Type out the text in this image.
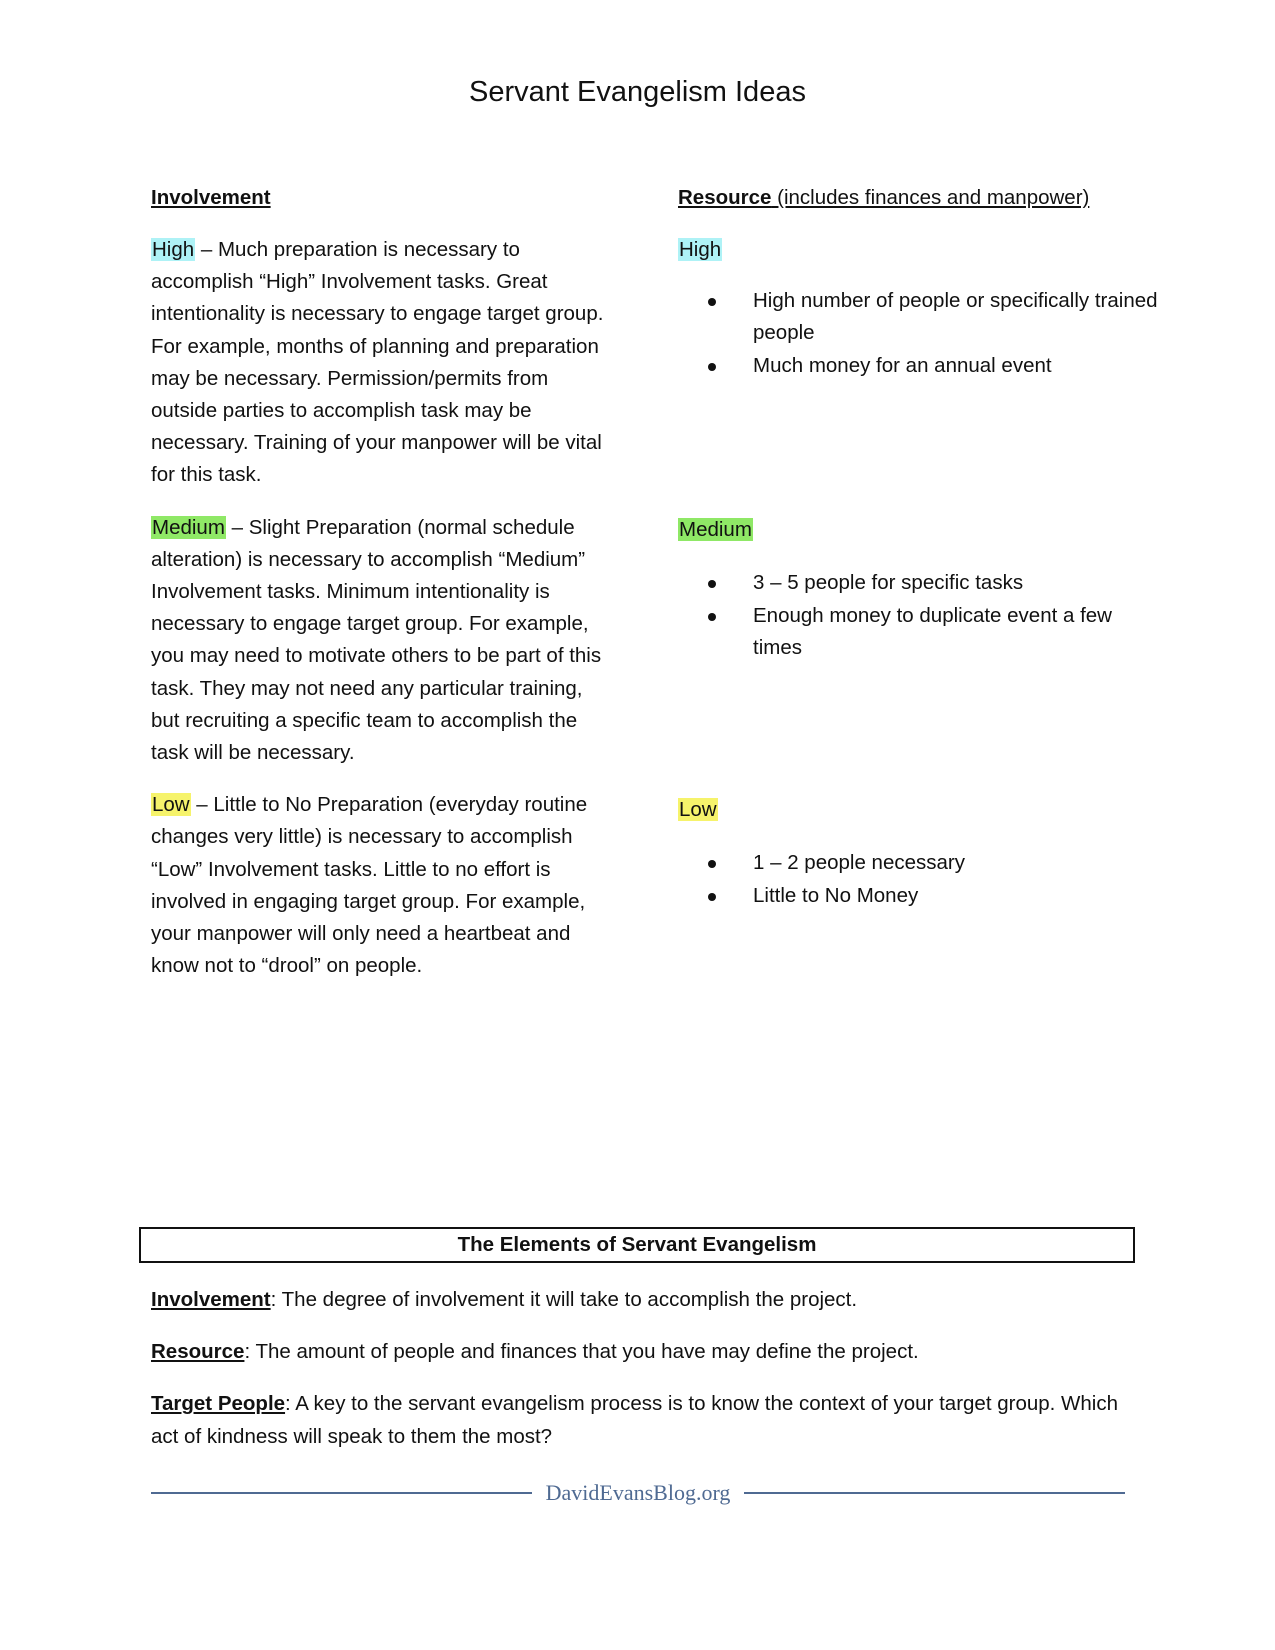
Servant Evangelism Ideas
Involvement

High – Much preparation is necessary to accomplish “High” Involvement tasks. Great intentionality is necessary to engage target group. For example, months of planning and preparation may be necessary. Permission/permits from outside parties to accomplish task may be necessary. Training of your manpower will be vital for this task.

Medium – Slight Preparation (normal schedule alteration) is necessary to accomplish “Medium” Involvement tasks. Minimum intentionality is necessary to engage target group. For example, you may need to motivate others to be part of this task. They may not need any particular training, but recruiting a specific team to accomplish the task will be necessary.

Low – Little to No Preparation (everyday routine changes very little) is necessary to accomplish “Low” Involvement tasks. Little to no effort is involved in engaging target group. For example, your manpower will only need a heartbeat and know not to “drool” on people.

Resource (includes finances and manpower)
High
High number of people or specifically trained people
Much money for an annual event
Medium
3 – 5 people for specific tasks
Enough money to duplicate event a few times
Low
1 – 2 people necessary
Little to No Money
The Elements of Servant Evangelism

Involvement: The degree of involvement it will take to accomplish the project.

Resource: The amount of people and finances that you have may define the project.

Target People: A key to the servant evangelism process is to know the context of your target group. Which act of kindness will speak to them the most?

DavidEvansBlog.org
